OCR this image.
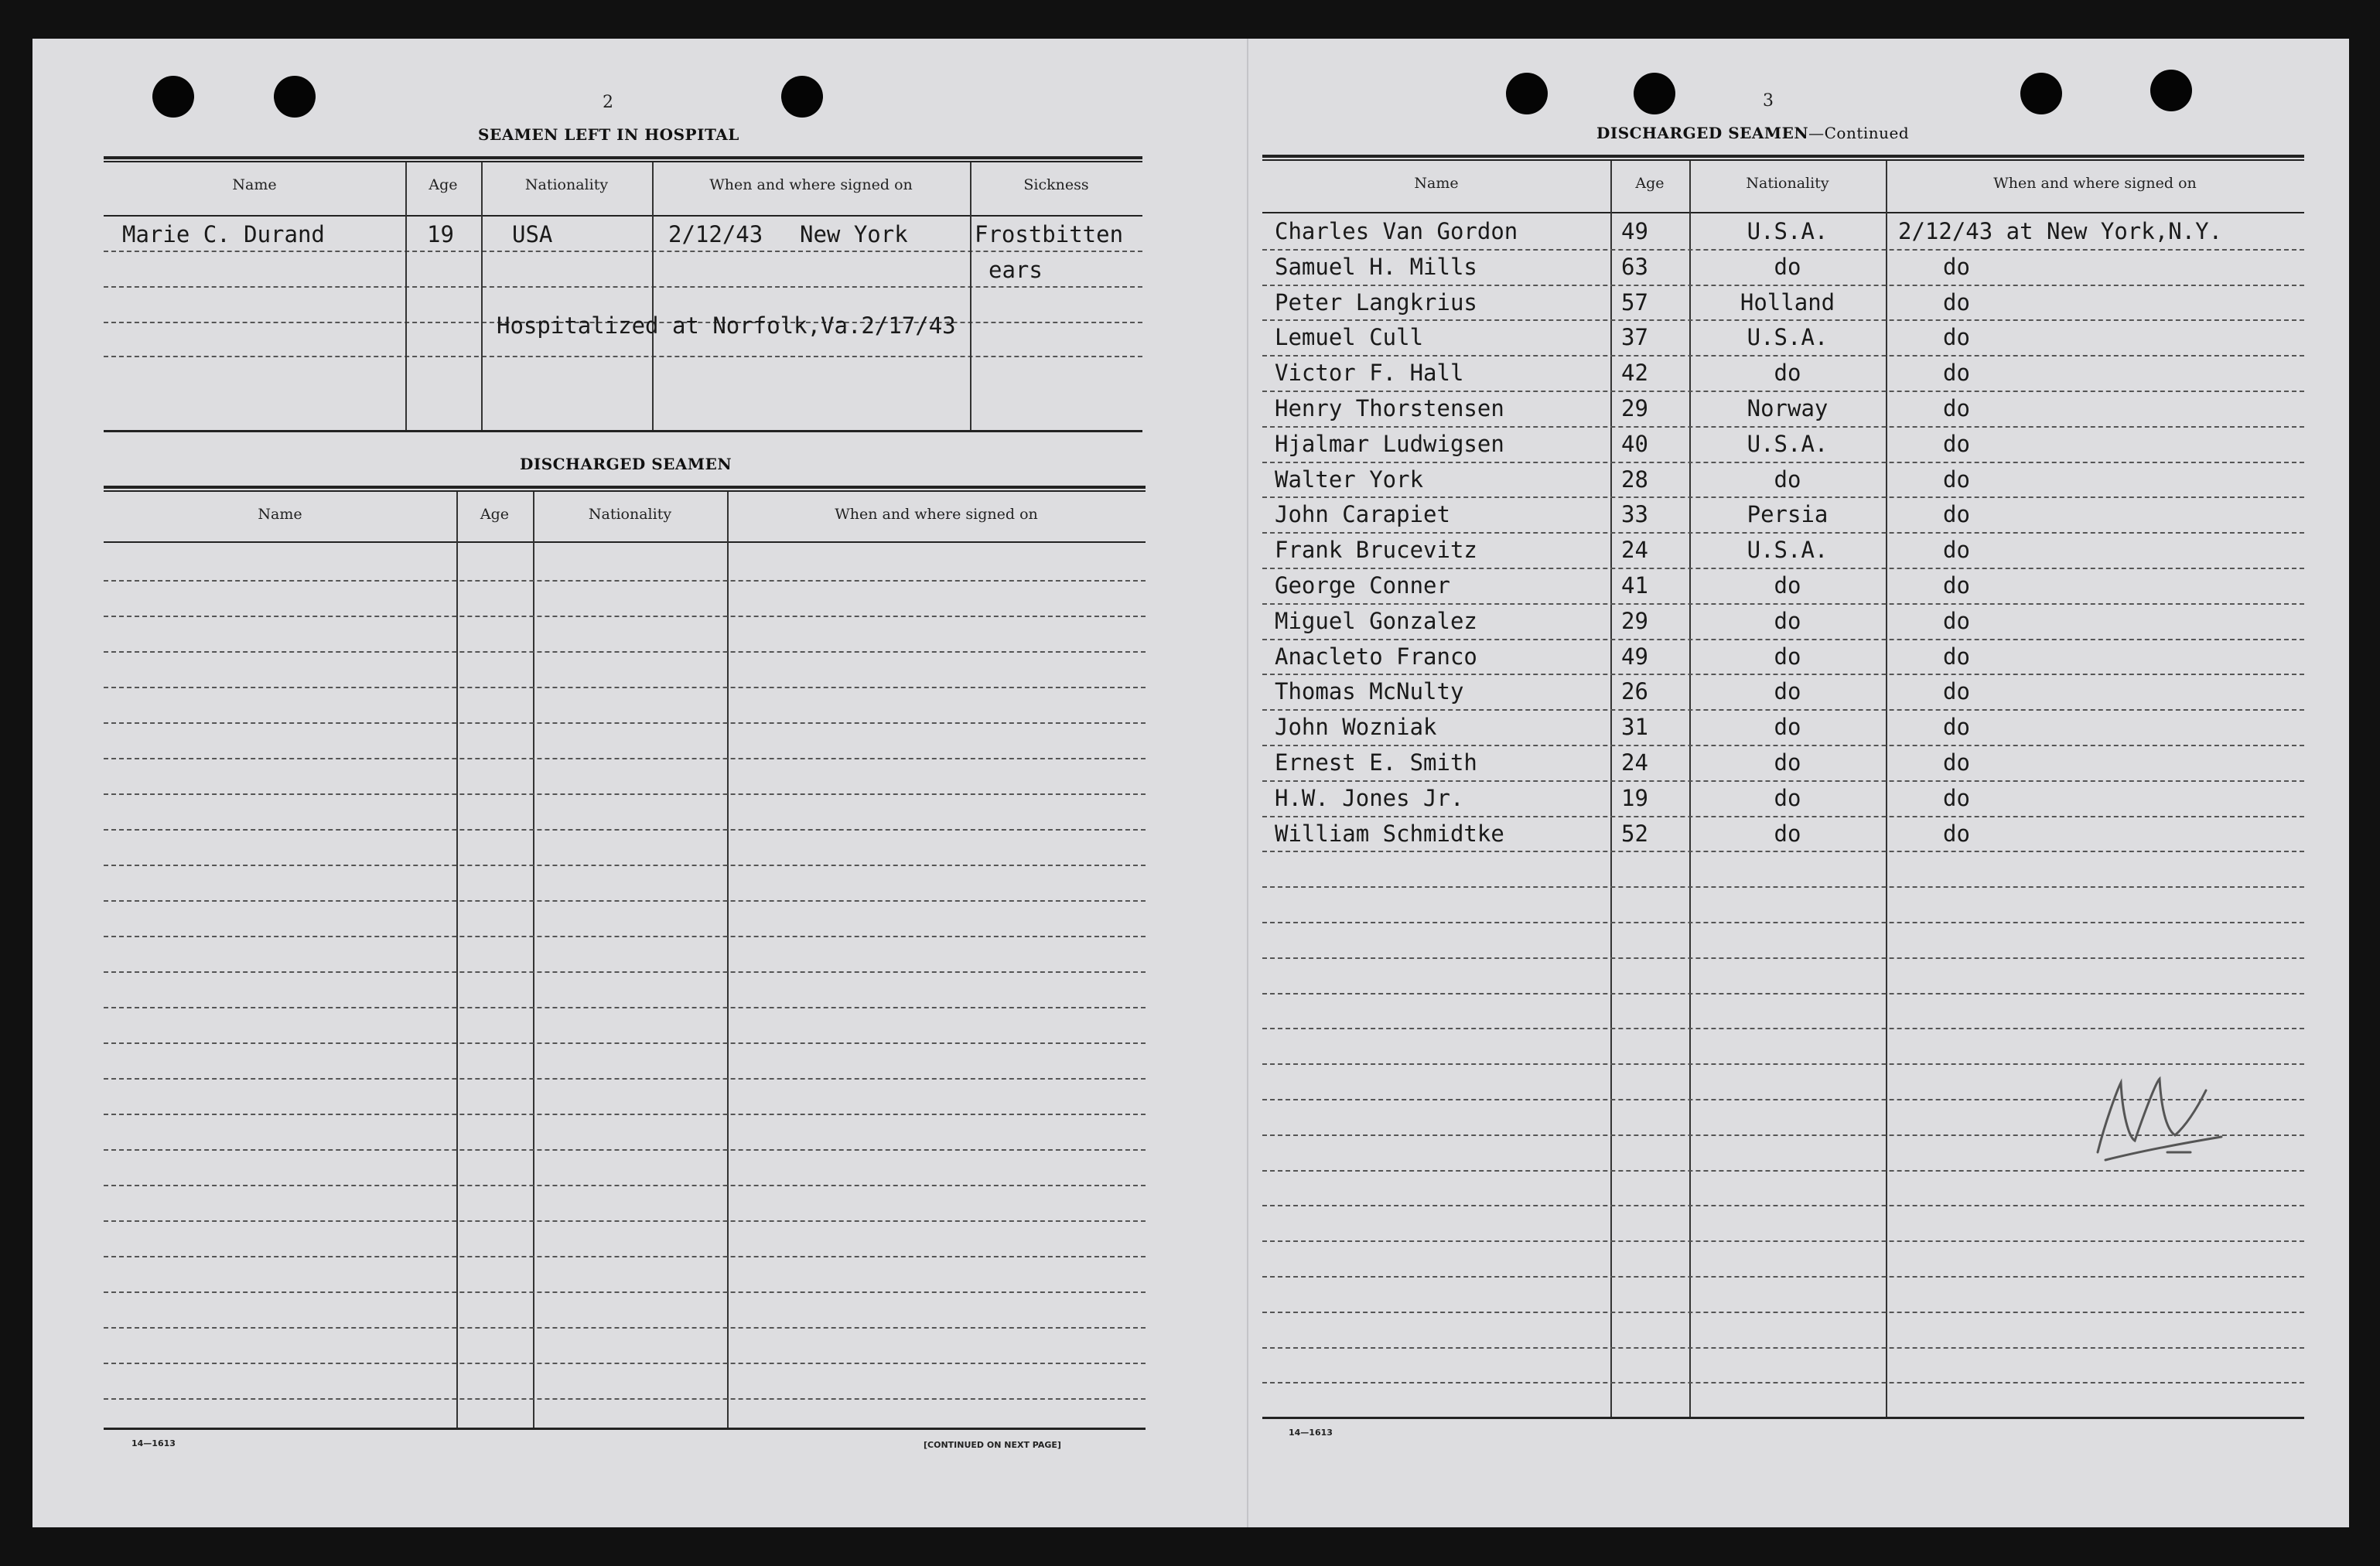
2
SEAMEN LEFT IN HOSPITAL
Name	Age	Nationality	When and where signed on	Sickness
Marie C. Durand	19	USA	2/12/43 New York	Frostbitten
ears
Hospitalized at Norfolk,Va.2/17/43
DISCHARGED SEAMEN
Name	Age	Nationality	When and where signed on
14—1613	[CONTINUED ON NEXT PAGE]
3
DISCHARGED SEAMEN—Continued
Name	Age	Nationality	When and where signed on
Charles Van Gordon	49	U.S.A.	2/12/43 at New York,N.Y.
Samuel H. Mills	63	do	do
Peter Langkrius	57	Holland	do
Lemuel Cull	37	U.S.A.	do
Victor F. Hall	42	do	do
Henry Thorstensen	29	Norway	do
Hjalmar Ludwigsen	40	U.S.A.	do
Walter York	28	do	do
John Carapiet	33	Persia	do
Frank Brucevitz	24	U.S.A.	do
George Conner	41	do	do
Miguel Gonzalez	29	do	do
Anacleto Franco	49	do	do
Thomas McNulty	26	do	do
John Wozniak	31	do	do
Ernest E. Smith	24	do	do
H.W. Jones Jr.	19	do	do
William Schmidtke	52	do	do
14—1613
